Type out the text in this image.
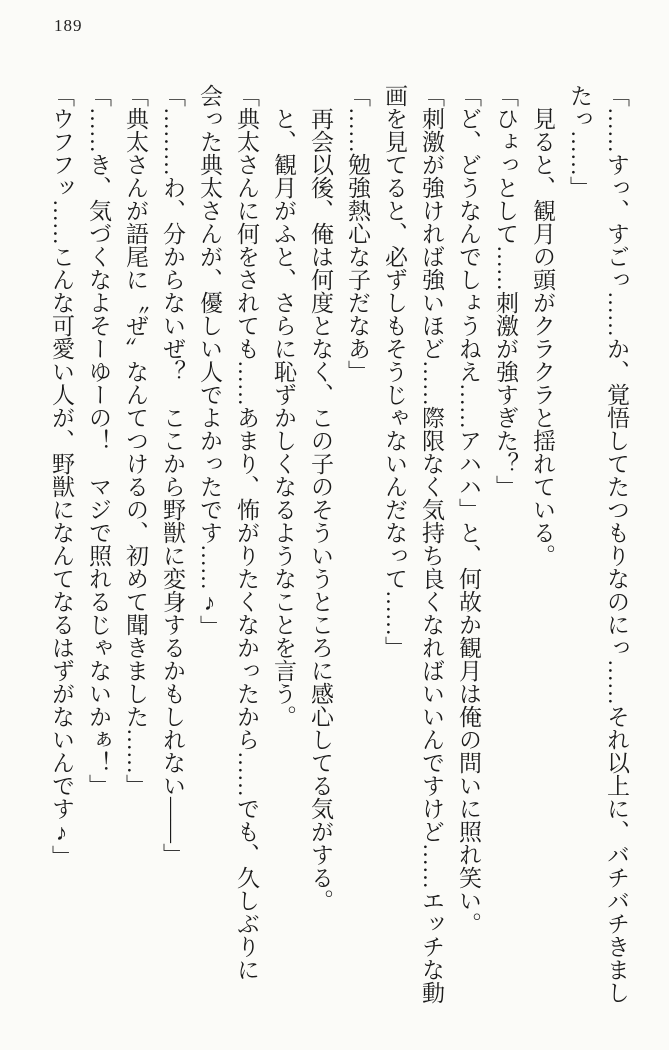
189

「……すっ、すごっ……か、覚悟してたつもりなのにっ……それ以上に、バチバチきまし

たっ……」

見ると、観月の頭がクラクラと揺れている。

「ひょっとして……刺激が強すぎた？」

「ど、どうなんでしょうねえ……アハハ」と、何故か観月は俺の問いに照れ笑い。

「刺激が強ければ強いほど……際限なく気持ち良くなればいいんですけど……エッチな動

画を見てると、必ずしもそうじゃないんだなって……」

「……勉強熱心な子だなあ」

再会以後、俺は何度となく、この子のそういうところに感心してる気がする。

と、観月がふと、さらに恥ずかしくなるようなことを言う。

「典太さんに何をされても……あまり、怖がりたくなかったから……でも、久しぶりに

会った典太さんが、優しい人でよかったです……♪」

「………わ、分からないぜ？　ここから野獣に変身するかもしれない――」

「典太さんが語尾に〝ぜ〟なんてつけるの、初めて聞きました……」

「……き、気づくなよそーゆーの！　マジで照れるじゃないかぁ！」

「ウフフッ……こんな可愛い人が、野獣になんてなるはずがないんです♪」
